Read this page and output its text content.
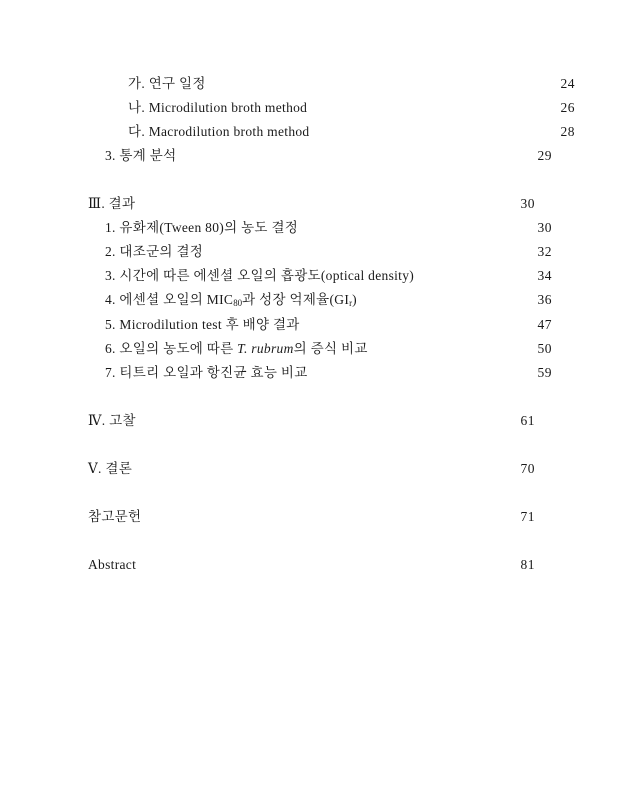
가. 연구 일정	24
나. Microdilution broth method	26
다. Macrodilution broth method	28
3. 통계 분석	29
Ⅲ. 결과	30
1. 유화제(Tween 80)의 농도 결정	30
2. 대조군의 결정	32
3. 시간에 따른 에센셜 오일의 흡광도(optical density)	34
4. 에센셜 오일의 $MIC_{80}$과 성장 억제율$(GI_r)$	36
5. Microdilution test 후 배양 결과	47
6. 오일의 농도에 따른 T. rubrum의 증식 비교	50
7. 티트리 오일과 항진균 효능 비교	59
Ⅳ. 고찰	61
Ⅴ. 결론	70
참고문헌	71
Abstract	81
